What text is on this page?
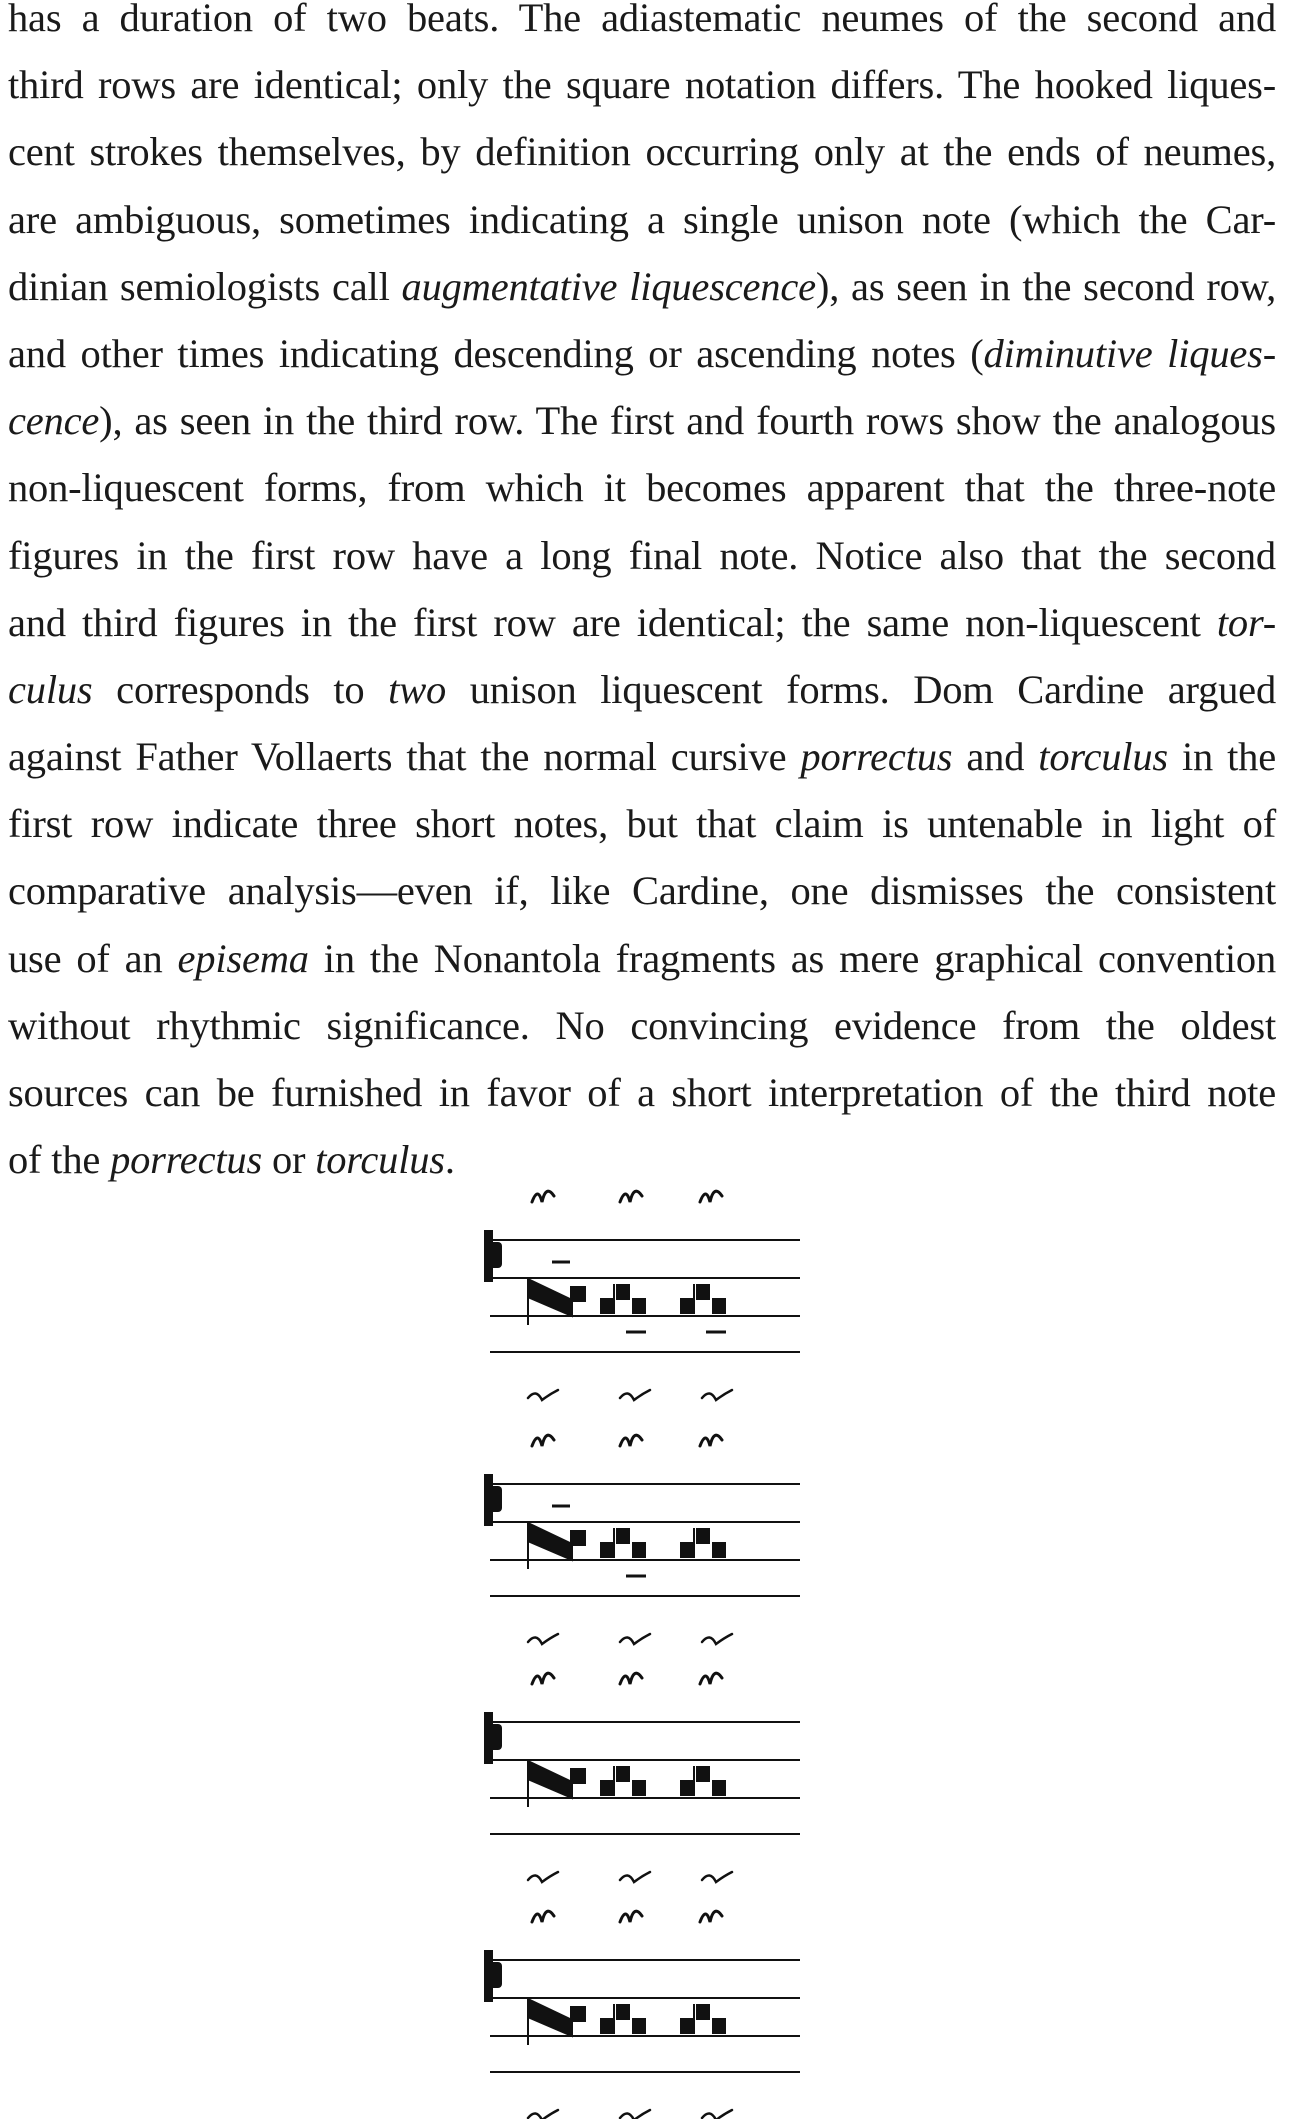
has a duration of two beats. The adiastematic neumes of the second and
third rows are identical; only the square notation differs. The hooked liques-
cent strokes themselves, by definition occurring only at the ends of neumes,
are ambiguous, sometimes indicating a single unison note (which the Car-
dinian semiologists call augmentative liquescence), as seen in the second row,
and other times indicating descending or ascending notes (diminutive liques-
cence), as seen in the third row. The first and fourth rows show the analogous
non-liquescent forms, from which it becomes apparent that the three-note
figures in the first row have a long final note. Notice also that the second
and third figures in the first row are identical; the same non-liquescent tor-
culus corresponds to two unison liquescent forms. Dom Cardine argued
against Father Vollaerts that the normal cursive porrectus and torculus in the
first row indicate three short notes, but that claim is untenable in light of
comparative analysis—even if, like Cardine, one dismisses the consistent
use of an episema in the Nonantola fragments as mere graphical convention
without rhythmic significance. No convincing evidence from the oldest
sources can be furnished in favor of a short interpretation of the third note
of the porrectus or torculus.
